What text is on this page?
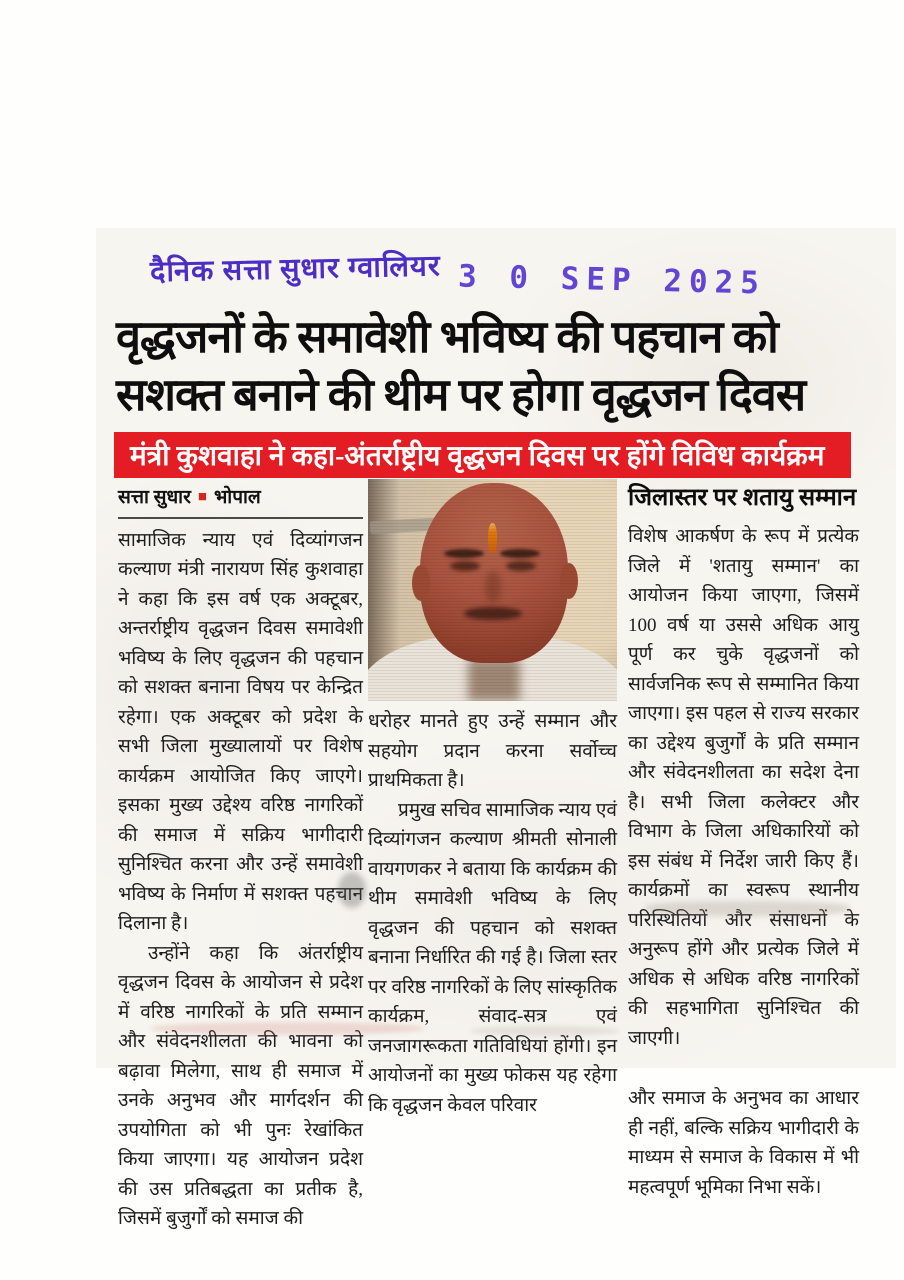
दैनिक सत्ता सुधार ग्वालियर 3 0 SEP 2025
वृद्धजनों के समावेशी भविष्य की पहचान को
सशक्त बनाने की थीम पर होगा वृद्धजन दिवस
मंत्री कुशवाहा ने कहा-अंतर्राष्ट्रीय वृद्धजन दिवस पर होंगे विविध कार्यक्रम
सत्ता सुधार ■ भोपाल

सामाजिक न्याय एवं दिव्यांगजन कल्याण मंत्री नारायण सिंह कुशवाहा ने कहा कि इस वर्ष एक अक्टूबर, अन्तर्राष्ट्रीय वृद्धजन दिवस समावेशी भविष्य के लिए वृद्धजन की पहचान को सशक्त बनाना विषय पर केन्द्रित रहेगा। एक अक्टूबर को प्रदेश के सभी जिला मुख्यालायों पर विशेष कार्यक्रम आयोजित किए जाएगे। इसका मुख्य उद्देश्य वरिष्ठ नागरिकों की समाज में सक्रिय भागीदारी सुनिश्चित करना और उन्हें समावेशी भविष्य के निर्माण में सशक्त पहचान दिलाना है।

उन्होंने कहा कि अंतर्राष्ट्रीय वृद्धजन दिवस के आयोजन से प्रदेश में वरिष्ठ नागरिकों के प्रति सम्मान और संवेदनशीलता की भावना को बढ़ावा मिलेगा, साथ ही समाज में उनके अनुभव और मार्गदर्शन की उपयोगिता को भी पुनः रेखांकित किया जाएगा। यह आयोजन प्रदेश की उस प्रतिबद्धता का प्रतीक है, जिसमें बुजुर्गों को समाज की

धरोहर मानते हुए उन्हें सम्मान और सहयोग प्रदान करना सर्वोच्च प्राथमिकता है।

प्रमुख सचिव सामाजिक न्याय एवं दिव्यांगजन कल्याण श्रीमती सोनाली वायगणकर ने बताया कि कार्यक्रम की थीम समावेशी भविष्य के लिए वृद्धजन की पहचान को सशक्त बनाना निर्धारित की गई है। जिला स्तर पर वरिष्ठ नागरिकों के लिए सांस्कृतिक कार्यक्रम, संवाद-सत्र एवं जनजागरूकता गतिविधियां होंगी। इन आयोजनों का मुख्य फोकस यह रहेगा कि वृद्धजन केवल परिवार

जिलास्तर पर शतायु सम्मान

विशेष आकर्षण के रूप में प्रत्येक जिले में 'शतायु सम्मान' का आयोजन किया जाएगा, जिसमें 100 वर्ष या उससे अधिक आयु पूर्ण कर चुके वृद्धजनों को सार्वजनिक रूप से सम्मानित किया जाएगा। इस पहल से राज्य सरकार का उद्देश्य बुजुर्गों के प्रति सम्मान और संवेदनशीलता का सदेश देना है। सभी जिला कलेक्टर और विभाग के जिला अधिकारियों को इस संबंध में निर्देश जारी किए हैं। कार्यक्रमों का स्वरूप स्थानीय परिस्थितियों और संसाधनों के अनुरूप होंगे और प्रत्येक जिले में अधिक से अधिक वरिष्ठ नागरिकों की सहभागिता सुनिश्चित की जाएगी।

और समाज के अनुभव का आधार ही नहीं, बल्कि सक्रिय भागीदारी के माध्यम से समाज के विकास में भी महत्वपूर्ण भूमिका निभा सकें।
